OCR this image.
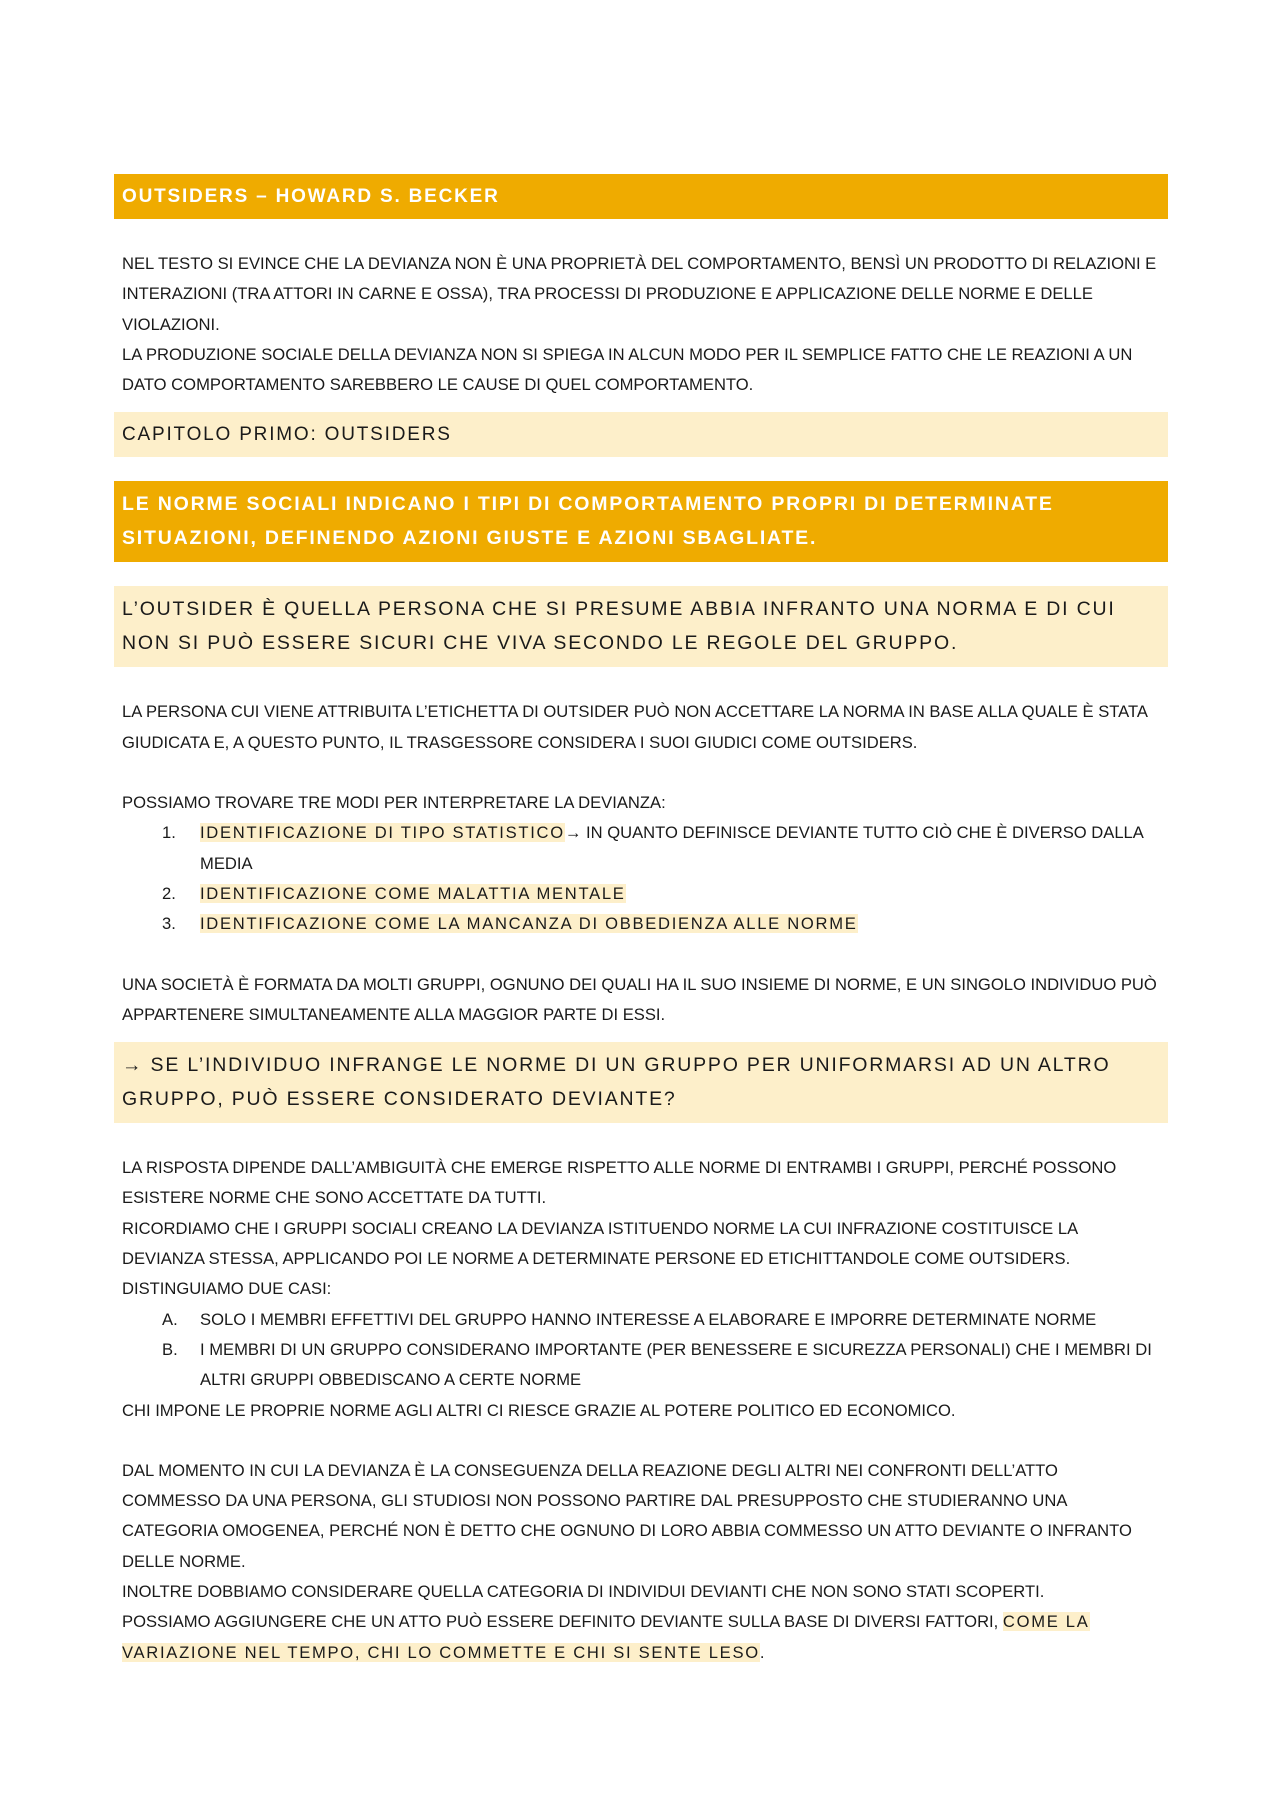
OUTSIDERS – HOWARD S. BECKER

NEL TESTO SI EVINCE CHE LA DEVIANZA NON È UNA PROPRIETÀ DEL COMPORTAMENTO, BENSÌ UN PRODOTTO DI RELAZIONI E INTERAZIONI (TRA ATTORI IN CARNE E OSSA), TRA PROCESSI DI PRODUZIONE E APPLICAZIONE DELLE NORME E DELLE VIOLAZIONI.

LA PRODUZIONE SOCIALE DELLA DEVIANZA NON SI SPIEGA IN ALCUN MODO PER IL SEMPLICE FATTO CHE LE REAZIONI A UN DATO COMPORTAMENTO SAREBBERO LE CAUSE DI QUEL COMPORTAMENTO.

CAPITOLO PRIMO: OUTSIDERS
LE NORME SOCIALI INDICANO I TIPI DI COMPORTAMENTO PROPRI DI DETERMINATE SITUAZIONI, DEFINENDO AZIONI GIUSTE E AZIONI SBAGLIATE.
L’OUTSIDER È QUELLA PERSONA CHE SI PRESUME ABBIA INFRANTO UNA NORMA E DI CUI NON SI PUÒ ESSERE SICURI CHE VIVA SECONDO LE REGOLE DEL GRUPPO.

LA PERSONA CUI VIENE ATTRIBUITA L’ETICHETTA DI OUTSIDER PUÒ NON ACCETTARE LA NORMA IN BASE ALLA QUALE È STATA GIUDICATA E, A QUESTO PUNTO, IL TRASGESSORE CONSIDERA I SUOI GIUDICI COME OUTSIDERS.

POSSIAMO TROVARE TRE MODI PER INTERPRETARE LA DEVIANZA:

1. IDENTIFICAZIONE DI TIPO STATISTICO→ IN QUANTO DEFINISCE DEVIANTE TUTTO CIÒ CHE È DIVERSO DALLA MEDIA
2. IDENTIFICAZIONE COME MALATTIA MENTALE
3. IDENTIFICAZIONE COME LA MANCANZA DI OBBEDIENZA ALLE NORME

UNA SOCIETÀ È FORMATA DA MOLTI GRUPPI, OGNUNO DEI QUALI HA IL SUO INSIEME DI NORME, E UN SINGOLO INDIVIDUO PUÒ APPARTENERE SIMULTANEAMENTE ALLA MAGGIOR PARTE DI ESSI.

→ SE L’INDIVIDUO INFRANGE LE NORME DI UN GRUPPO PER UNIFORMARSI AD UN ALTRO GRUPPO, PUÒ ESSERE CONSIDERATO DEVIANTE?

LA RISPOSTA DIPENDE DALL’AMBIGUITÀ CHE EMERGE RISPETTO ALLE NORME DI ENTRAMBI I GRUPPI, PERCHÉ POSSONO ESISTERE NORME CHE SONO ACCETTATE DA TUTTI.

RICORDIAMO CHE I GRUPPI SOCIALI CREANO LA DEVIANZA ISTITUENDO NORME LA CUI INFRAZIONE COSTITUISCE LA DEVIANZA STESSA, APPLICANDO POI LE NORME A DETERMINATE PERSONE ED ETICHITTANDOLE COME OUTSIDERS.

DISTINGUIAMO DUE CASI:

A. SOLO I MEMBRI EFFETTIVI DEL GRUPPO HANNO INTERESSE A ELABORARE E IMPORRE DETERMINATE NORME
B. I MEMBRI DI UN GRUPPO CONSIDERANO IMPORTANTE (PER BENESSERE E SICUREZZA PERSONALI) CHE I MEMBRI DI ALTRI GRUPPI OBBEDISCANO A CERTE NORME

CHI IMPONE LE PROPRIE NORME AGLI ALTRI CI RIESCE GRAZIE AL POTERE POLITICO ED ECONOMICO.

DAL MOMENTO IN CUI LA DEVIANZA È LA CONSEGUENZA DELLA REAZIONE DEGLI ALTRI NEI CONFRONTI DELL’ATTO COMMESSO DA UNA PERSONA, GLI STUDIOSI NON POSSONO PARTIRE DAL PRESUPPOSTO CHE STUDIERANNO UNA CATEGORIA OMOGENEA, PERCHÉ NON È DETTO CHE OGNUNO DI LORO ABBIA COMMESSO UN ATTO DEVIANTE O INFRANTO DELLE NORME.

INOLTRE DOBBIAMO CONSIDERARE QUELLA CATEGORIA DI INDIVIDUI DEVIANTI CHE NON SONO STATI SCOPERTI.

POSSIAMO AGGIUNGERE CHE UN ATTO PUÒ ESSERE DEFINITO DEVIANTE SULLA BASE DI DIVERSI FATTORI, COME LA VARIAZIONE NEL TEMPO, CHI LO COMMETTE E CHI SI SENTE LESO.
